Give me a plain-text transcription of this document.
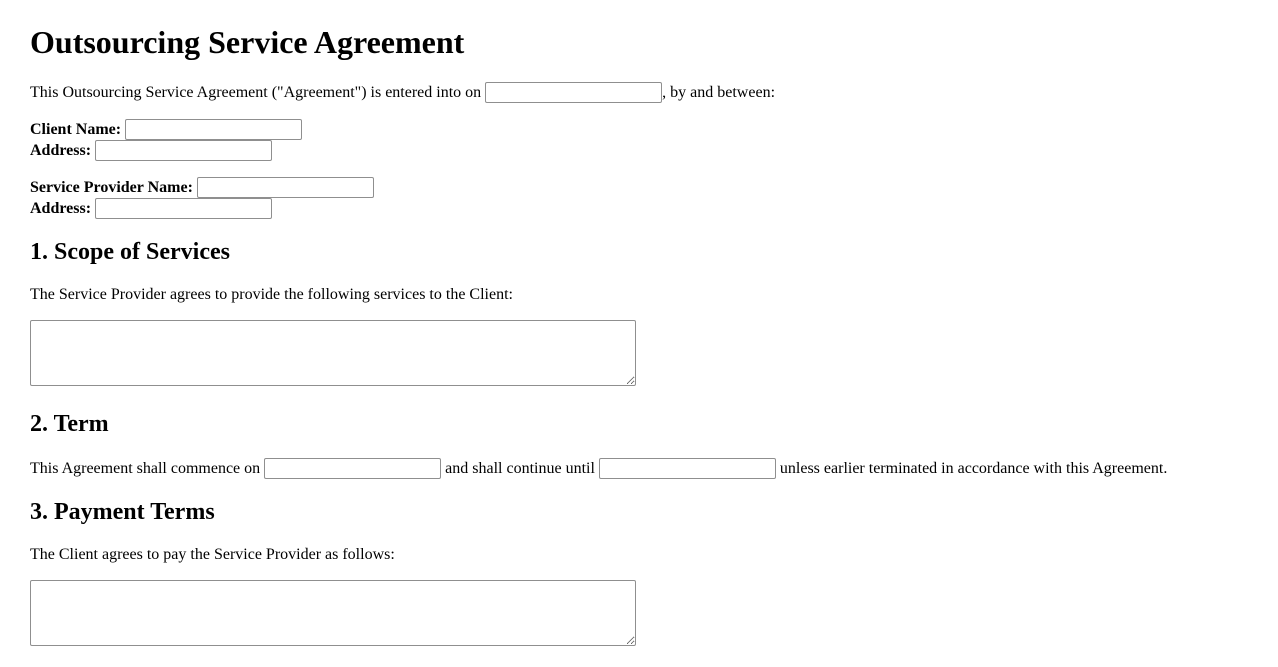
Outsourcing Service Agreement

This Outsourcing Service Agreement ("Agreement") is entered into on	, by and between:

Client Name:
Address:

Service Provider Name:
Address:

1. Scope of Services

The Service Provider agrees to provide the following services to the Client:

2. Term

This Agreement shall commence on	and shall continue until	unless earlier terminated in accordance with this Agreement.

3. Payment Terms

The Client agrees to pay the Service Provider as follows:
